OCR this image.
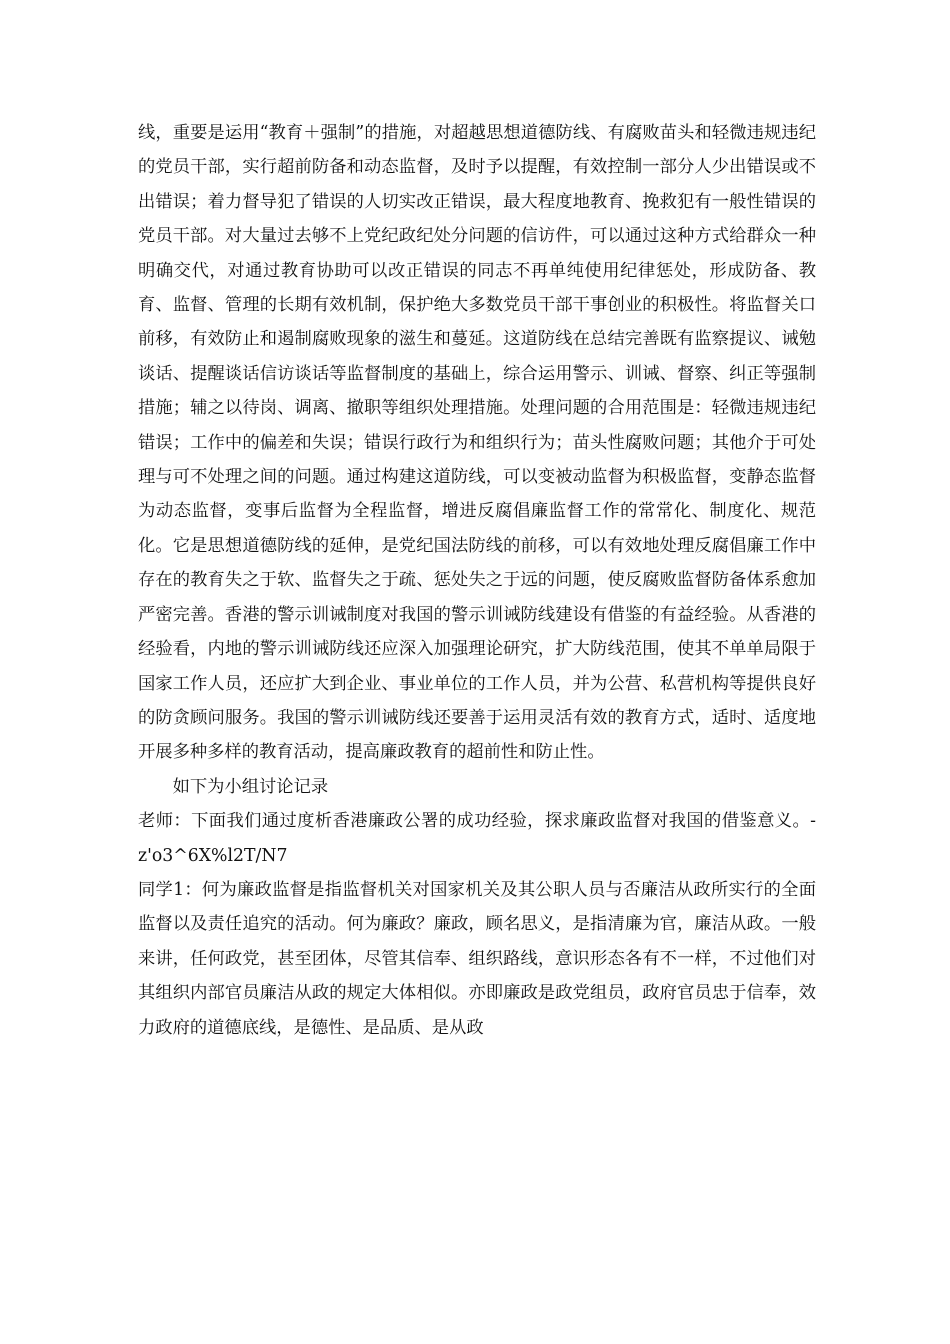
线，重要是运用“教育＋强制”的措施，对超越思想道德防线、有腐败苗头和轻微违规违纪的党员干部，实行超前防备和动态监督，及时予以提醒，有效控制一部分人少出错误或不出错误；着力督导犯了错误的人切实改正错误，最大程度地教育、挽救犯有一般性错误的党员干部。对大量过去够不上党纪政纪处分问题的信访件，可以通过这种方式给群众一种明确交代，对通过教育协助可以改正错误的同志不再单纯使用纪律惩处，形成防备、教育、监督、管理的长期有效机制，保护绝大多数党员干部干事创业的积极性。将监督关口前移，有效防止和遏制腐败现象的滋生和蔓延。这道防线在总结完善既有监察提议、诫勉谈话、提醒谈话信访谈话等监督制度的基础上，综合运用警示、训诫、督察、纠正等强制措施；辅之以待岗、调离、撤职等组织处理措施。处理问题的合用范围是：轻微违规违纪错误；工作中的偏差和失误；错误行政行为和组织行为；苗头性腐败问题；其他介于可处理与可不处理之间的问题。通过构建这道防线，可以变被动监督为积极监督，变静态监督为动态监督，变事后监督为全程监督，增进反腐倡廉监督工作的常常化、制度化、规范化。它是思想道德防线的延伸，是党纪国法防线的前移，可以有效地处理反腐倡廉工作中存在的教育失之于软、监督失之于疏、惩处失之于远的问题，使反腐败监督防备体系愈加严密完善。香港的警示训诫制度对我国的警示训诫防线建设有借鉴的有益经验。从香港的经验看，内地的警示训诫防线还应深入加强理论研究，扩大防线范围，使其不单单局限于国家工作人员，还应扩大到企业、事业单位的工作人员，并为公营、私营机构等提供良好的防贪顾问服务。我国的警示训诫防线还要善于运用灵活有效的教育方式，适时、适度地开展多种多样的教育活动，提高廉政教育的超前性和防止性。

如下为小组讨论记录

老师：下面我们通过度析香港廉政公署的成功经验，探求廉政监督对我国的借鉴意义。-z'o3^6X%l2T/N7

同学1：何为廉政监督是指监督机关对国家机关及其公职人员与否廉洁从政所实行的全面监督以及责任追究的活动。何为廉政？廉政，顾名思义，是指清廉为官，廉洁从政。一般来讲，任何政党，甚至团体，尽管其信奉、组织路线，意识形态各有不一样，不过他们对其组织内部官员廉洁从政的规定大体相似。亦即廉政是政党组员，政府官员忠于信奉，效力政府的道德底线，是德性、是品质、是从政
